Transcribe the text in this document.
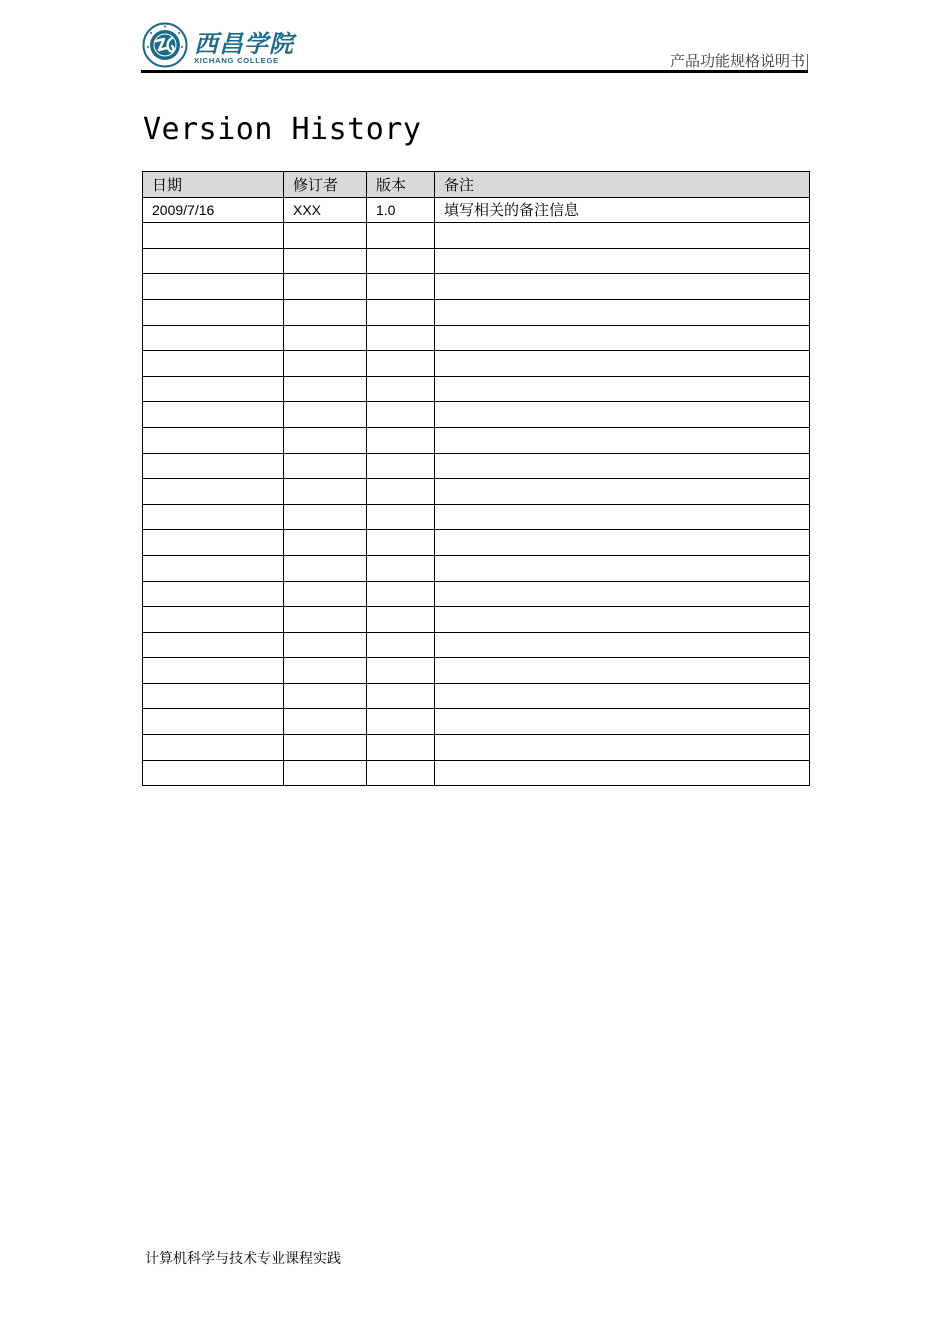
西昌学院
XICHANG COLLEGE	产品功能规格说明书
Version History
日期	修订者	版本	备注
2009/7/16	XXX	1.0	填写相关的备注信息

计算机科学与技术专业课程实践
